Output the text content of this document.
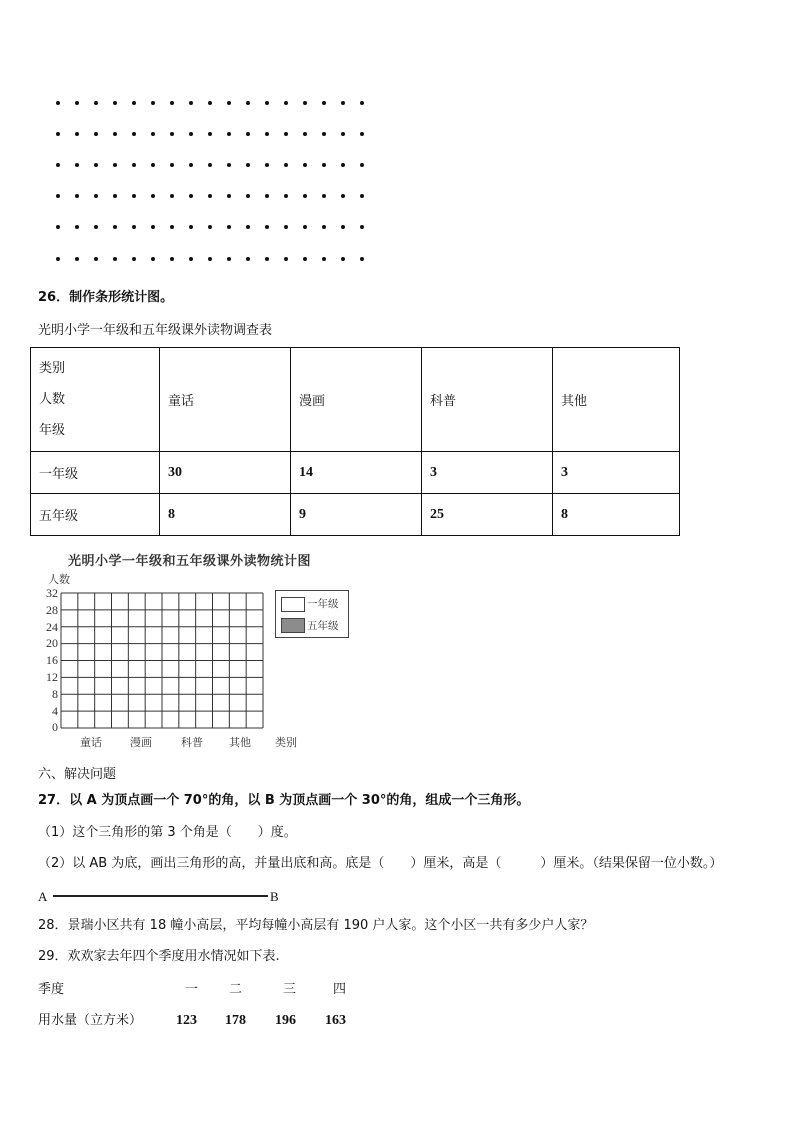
26．制作条形统计图。
光明小学一年级和五年级课外读物调查表
类别
人数
年级	童话	漫画	科普	其他
一年级	30	14	3	3
五年级	8	9	25	8
光明小学一年级和五年级课外读物统计图
人数
32
28
24
20
16
12
8
4
0
童话	漫画	科普 其他 类别
一年级
五年级
六、解决问题
27．以 A 为顶点画一个 70°的角，以 B 为顶点画一个 30°的角，组成一个三角形。
（1）这个三角形的第 3 个角是（　　）度。
（2）以 AB 为底，画出三角形的高，并量出底和高。底是（　　）厘米，高是（　　　）厘米。（结果保留一位小数。）
A	B
28．景瑞小区共有 18 幢小高层，平均每幢小高层有 190 户人家。这个小区一共有多少户人家？
29．欢欢家去年四个季度用水情况如下表.
季度	一 二	三	四
用水量（立方米） 123 178 196 163
